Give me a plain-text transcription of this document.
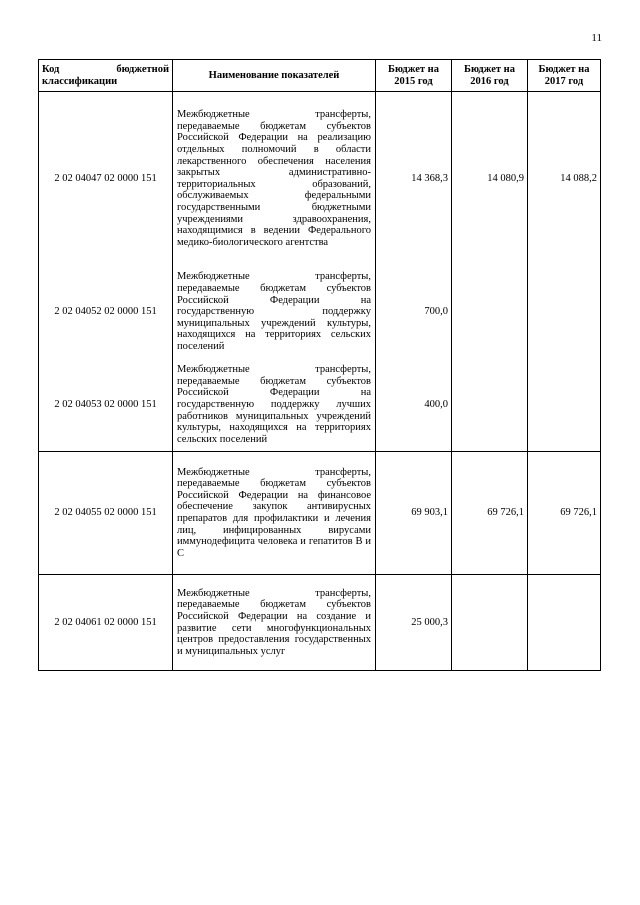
11
Код бюджетной классификации	Наименование показателей	Бюджет на 2015 год	Бюджет на 2016 год	Бюджет на 2017 год
2 02 04047 02 0000 151	Межбюджетные трансферты, передаваемые бюджетам субъектов Российской Федерации на реализацию отдельных полномочий в области лекарственного обеспечения населения закрытых административно-территориальных образований, обслуживаемых федеральными государственными бюджетными учреждениями здравоохранения, находящимися в ведении Федерального медико-биологического агентства	14 368,3	14 080,9	14 088,2
2 02 04052 02 0000 151	Межбюджетные трансферты, передаваемые бюджетам субъектов Российской Федерации на государственную поддержку муниципальных учреждений культуры, находящихся на территориях сельских поселений	700,0		
2 02 04053 02 0000 151	Межбюджетные трансферты, передаваемые бюджетам субъектов Российской Федерации на государственную поддержку лучших работников муниципальных учреждений культуры, находящихся на территориях сельских поселений	400,0		
2 02 04055 02 0000 151	Межбюджетные трансферты, передаваемые бюджетам субъектов Российской Федерации на финансовое обеспечение закупок антивирусных препаратов для профилактики и лечения лиц, инфицированных вирусами иммунодефицита человека и гепатитов B и C	69 903,1	69 726,1	69 726,1
2 02 04061 02 0000 151	Межбюджетные трансферты, передаваемые бюджетам субъектов Российской Федерации на создание и развитие сети многофункциональных центров предоставления государственных и муниципальных услуг	25 000,3		
